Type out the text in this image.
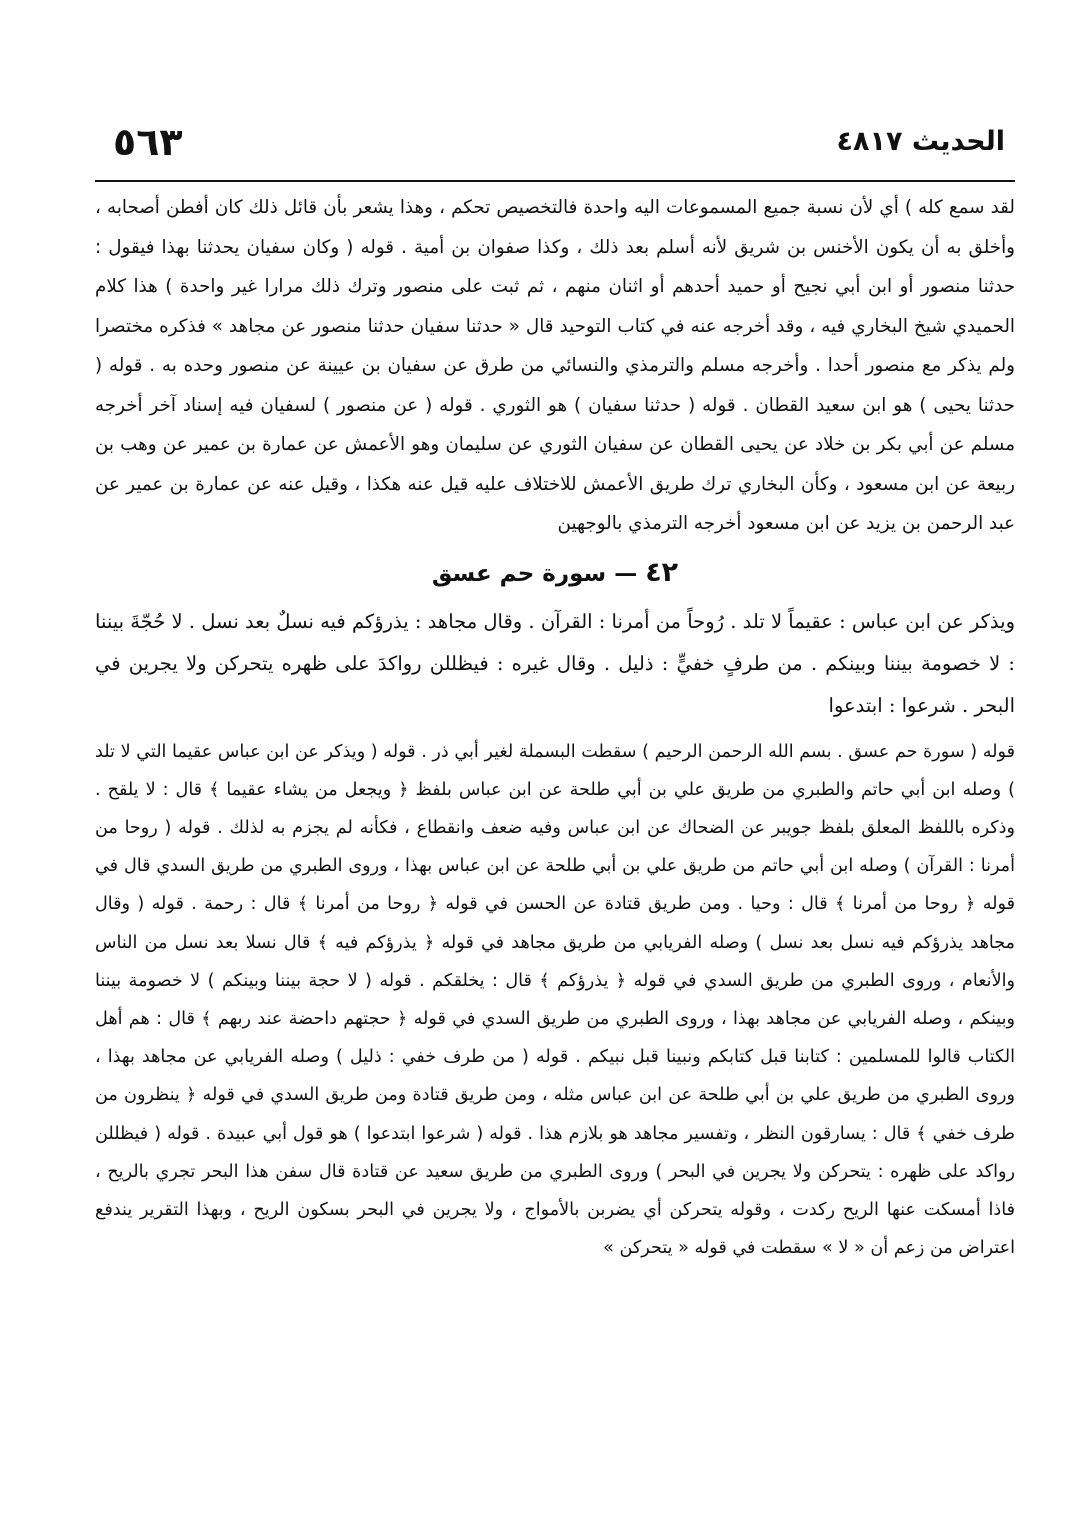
الحديث ٤٨١٧
٥٦٣

لقد سمع كله ) أي لأن نسبة جميع المسموعات اليه واحدة فالتخصيص تحكم ، وهذا يشعر بأن قائل ذلك كان أفطن أصحابه ، وأخلق به أن يكون الأخنس بن شريق لأنه أسلم بعد ذلك ، وكذا صفوان بن أمية . قوله ( وكان سفيان يحدثنا بهذا فيقول : حدثنا منصور أو ابن أبي نجيح أو حميد أحدهم أو اثنان منهم ، ثم ثبت على منصور وترك ذلك مرارا غير واحدة ) هذا كلام الحميدي شيخ البخاري فيه ، وقد أخرجه عنه في كتاب التوحيد قال « حدثنا سفيان حدثنا منصور عن مجاهد » فذكره مختصرا ولم يذكر مع منصور أحدا . وأخرجه مسلم والترمذي والنسائي من طرق عن سفيان بن عيينة عن منصور وحده به . قوله ( حدثنا يحيى ) هو ابن سعيد القطان . قوله ( حدثنا سفيان ) هو الثوري . قوله ( عن منصور ) لسفيان فيه إسناد آخر أخرجه مسلم عن أبي بكر بن خلاد عن يحيى القطان عن سفيان الثوري عن سليمان وهو الأعمش عن عمارة بن عمير عن وهب بن ربيعة عن ابن مسعود ، وكأن البخاري ترك طريق الأعمش للاختلاف عليه قيل عنه هكذا ، وقيل عنه عن عمارة بن عمير عن عبد الرحمن بن يزيد عن ابن مسعود أخرجه الترمذي بالوجهين

٤٢ — سورة حم عسق

ويذكر عن ابن عباس : عقيماً لا تلد . رُوحاً من أمرنا : القرآن . وقال مجاهد : يذرؤكم فيه نسلٌ بعد نسل . لا حُجّةَ بيننا : لا خصومة بيننا وبينكم . من طرفٍ خفيٍّ : ذليل . وقال غيره : فيظللن رواكدَ على ظهره يتحركن ولا يجرين في البحر . شرعوا : ابتدعوا

قوله ( سورة حم عسق . بسم الله الرحمن الرحيم ) سقطت البسملة لغير أبي ذر . قوله ( ويذكر عن ابن عباس عقيما التي لا تلد ) وصله ابن أبي حاتم والطبري من طريق علي بن أبي طلحة عن ابن عباس بلفظ ﴿ ويجعل من يشاء عقيما ﴾ قال : لا يلقح . وذكره باللفظ المعلق بلفظ جويبر عن الضحاك عن ابن عباس وفيه ضعف وانقطاع ، فكأنه لم يجزم به لذلك . قوله ( روحا من أمرنا : القرآن ) وصله ابن أبي حاتم من طريق علي بن أبي طلحة عن ابن عباس بهذا ، وروى الطبري من طريق السدي قال في قوله ﴿ روحا من أمرنا ﴾ قال : وحيا . ومن طريق قتادة عن الحسن في قوله ﴿ روحا من أمرنا ﴾ قال : رحمة . قوله ( وقال مجاهد يذرؤكم فيه نسل بعد نسل ) وصله الفريابي من طريق مجاهد في قوله ﴿ يذرؤكم فيه ﴾ قال نسلا بعد نسل من الناس والأنعام ، وروى الطبري من طريق السدي في قوله ﴿ يذرؤكم ﴾ قال : يخلقكم . قوله ( لا حجة بيننا وبينكم ) لا خصومة بيننا وبينكم ، وصله الفريابي عن مجاهد بهذا ، وروى الطبري من طريق السدي في قوله ﴿ حجتهم داحضة عند ربهم ﴾ قال : هم أهل الكتاب قالوا للمسلمين : كتابنا قبل كتابكم ونبينا قبل نبيكم . قوله ( من طرف خفي : ذليل ) وصله الفريابي عن مجاهد بهذا ، وروى الطبري من طريق علي بن أبي طلحة عن ابن عباس مثله ، ومن طريق قتادة ومن طريق السدي في قوله ﴿ ينظرون من طرف خفي ﴾ قال : يسارقون النظر ، وتفسير مجاهد هو بلازم هذا . قوله ( شرعوا ابتدعوا ) هو قول أبي عبيدة . قوله ( فيظللن رواكد على ظهره : يتحركن ولا يجرين في البحر ) وروى الطبري من طريق سعيد عن قتادة قال سفن هذا البحر تجري بالريح ، فاذا أمسكت عنها الريح ركدت ، وقوله يتحركن أي يضربن بالأمواج ، ولا يجرين في البحر بسكون الريح ، وبهذا التقرير يندفع اعتراض من زعم أن « لا » سقطت في قوله « يتحركن »
